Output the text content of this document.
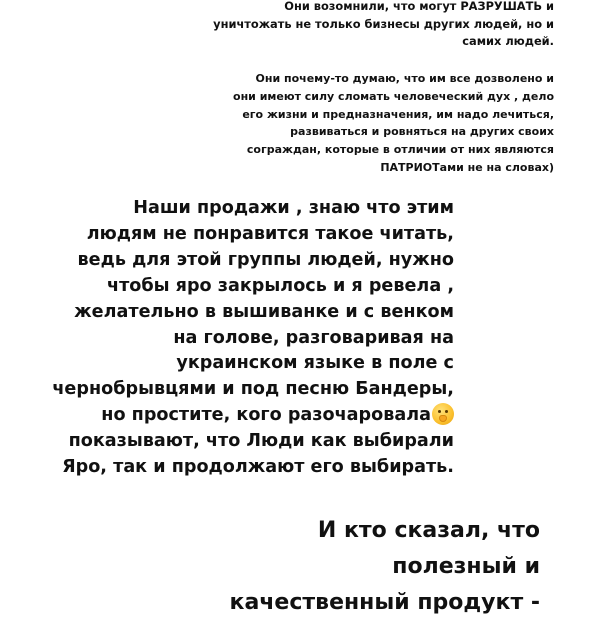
Они возомнили, что могут РАЗРУШАТЬ и
уничтожать не только бизнесы других людей, но и
самих людей.
Они почему-то думаю, что им все дозволено и
они имеют силу сломать человеческий дух , дело
его жизни и предназначения, им надо лечиться,
развиваться и ровняться на других своих
сограждан, которые в отличии от них являются
ПАТРИОТами не на словах)
Наши продажи , знаю что этим
людям не понравится такое читать,
ведь для этой группы людей, нужно
чтобы яро закрылось и я ревела ,
желательно в вышиванке и с венком
на голове, разговаривая на
украинском языке в поле с
чернобрывцями и под песню Бандеры,
но простите, кого разочаровала
показывают, что Люди как выбирали
Яро, так и продолжают его выбирать.
И кто сказал, что
полезный и
качественный продукт -
